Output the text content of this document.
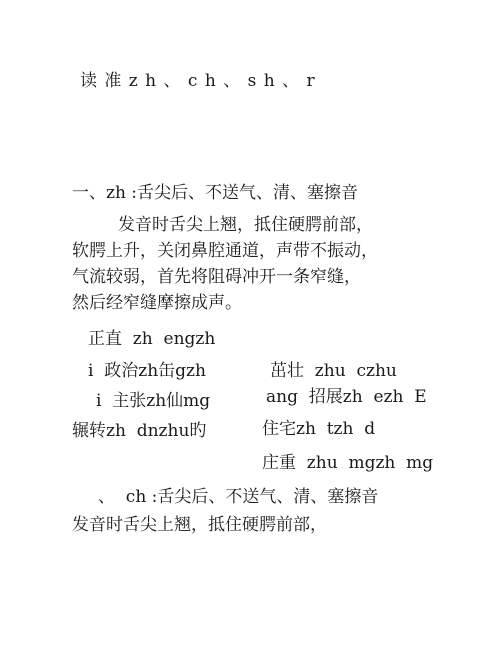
读 准 z h 、 c h 、 s h 、 r
一、zh :舌尖后、不送气、清、塞擦音
发音时舌尖上翘，抵住硬腭前部，
软腭上升，关闭鼻腔通道，声带不振动，
气流较弱，首先将阻碍冲开一条窄缝，
然后经窄缝摩擦成声。
正直  zh  engzh
i  政治zh缶gzh	茁壮  zhu  czhu
i  主张zh仙mg	ang  招展zh  ezh  E
辗转zh  dnzhu旳	住宅zh  tzh  d
庄重  zhu  mgzh  mg
、  ch :舌尖后、不送气、清、塞擦音
发音时舌尖上翘，抵住硬腭前部，
